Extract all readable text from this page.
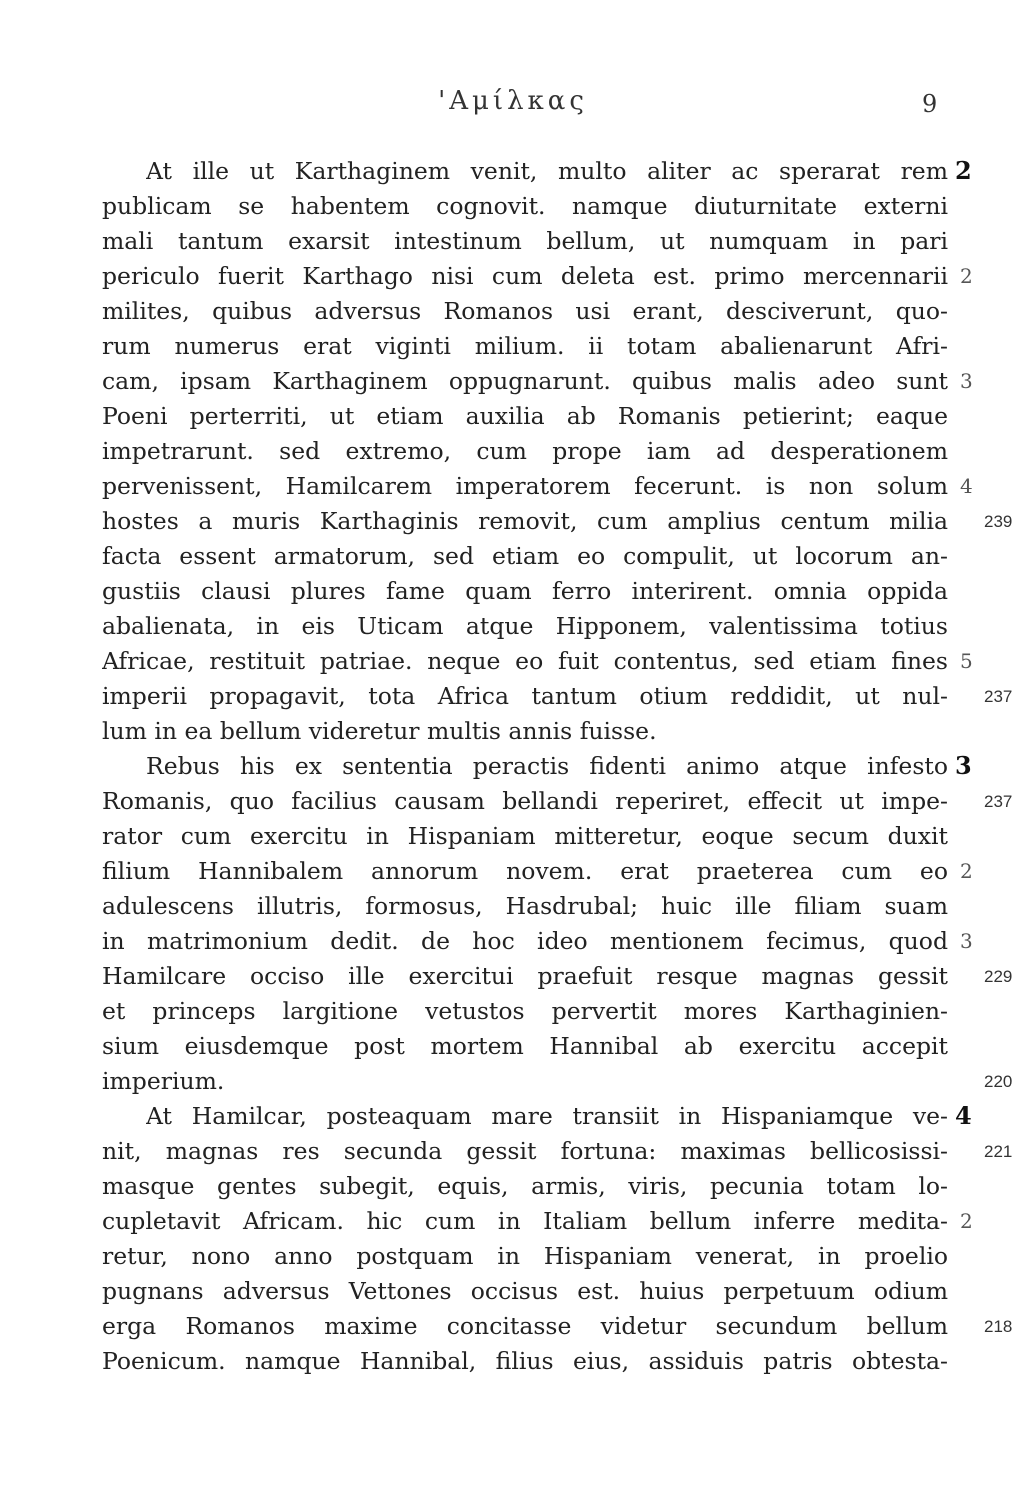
'Αμίλκας	9
At ille ut Karthaginem venit, multo aliter ac sperarat rem
publicam se habentem cognovit. namque diuturnitate externi
mali tantum exarsit intestinum bellum, ut numquam in pari
periculo fuerit Karthago nisi cum deleta est. primo mercennarii
milites, quibus adversus Romanos usi erant, desciverunt, quo-
rum numerus erat viginti milium. ii totam abalienarunt Afri-
cam, ipsam Karthaginem oppugnarunt. quibus malis adeo sunt
Poeni perterriti, ut etiam auxilia ab Romanis petierint; eaque
impetrarunt. sed extremo, cum prope iam ad desperationem
pervenissent, Hamilcarem imperatorem fecerunt. is non solum
hostes a muris Karthaginis removit, cum amplius centum milia
facta essent armatorum, sed etiam eo compulit, ut locorum an-
gustiis clausi plures fame quam ferro interirent. omnia oppida
abalienata, in eis Uticam atque Hipponem, valentissima totius
Africae, restituit patriae. neque eo fuit contentus, sed etiam fines
imperii propagavit, tota Africa tantum otium reddidit, ut nul-
lum in ea bellum videretur multis annis fuisse.
Rebus his ex sententia peractis fidenti animo atque infesto
Romanis, quo facilius causam bellandi reperiret, effecit ut impe-
rator cum exercitu in Hispaniam mitteretur, eoque secum duxit
filium Hannibalem annorum novem. erat praeterea cum eo
adulescens illutris, formosus, Hasdrubal; huic ille filiam suam
in matrimonium dedit. de hoc ideo mentionem fecimus, quod
Hamilcare occiso ille exercitui praefuit resque magnas gessit
et princeps largitione vetustos pervertit mores Karthaginien-
sium eiusdemque post mortem Hannibal ab exercitu accepit
imperium.
At Hamilcar, posteaquam mare transiit in Hispaniamque ve-
nit, magnas res secunda gessit fortuna: maximas bellicosissi-
masque gentes subegit, equis, armis, viris, pecunia totam lo-
cupletavit Africam. hic cum in Italiam bellum inferre medita-
retur, nono anno postquam in Hispaniam venerat, in proelio
pugnans adversus Vettones occisus est. huius perpetuum odium
erga Romanos maxime concitasse videtur secundum bellum
Poenicum. namque Hannibal, filius eius, assiduis patris obtesta-
2
3
4
2
3
4
5
2
3
2
239
237
237
229
220
221
218
